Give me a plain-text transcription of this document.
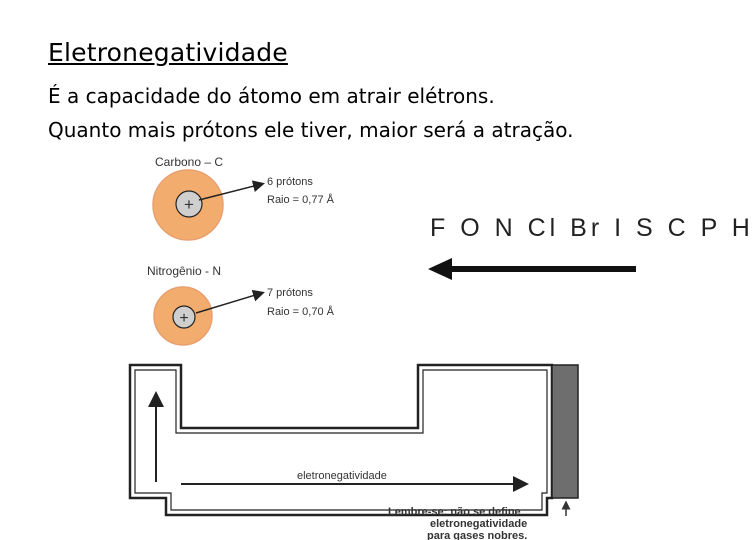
Eletronegatividade
É a capacidade do átomo em atrair elétrons.
Quanto mais prótons ele tiver, maior será a atração.
Carbono – C
+
6 prótons
Raio = 0,77 Å
Nitrogênio - N
+
7 prótons
Raio = 0,70 Å
eletronegatividade
Lembre-se: não se define
eletronegatividade
para gases nobres.
F O N Cl Br I S C P H
